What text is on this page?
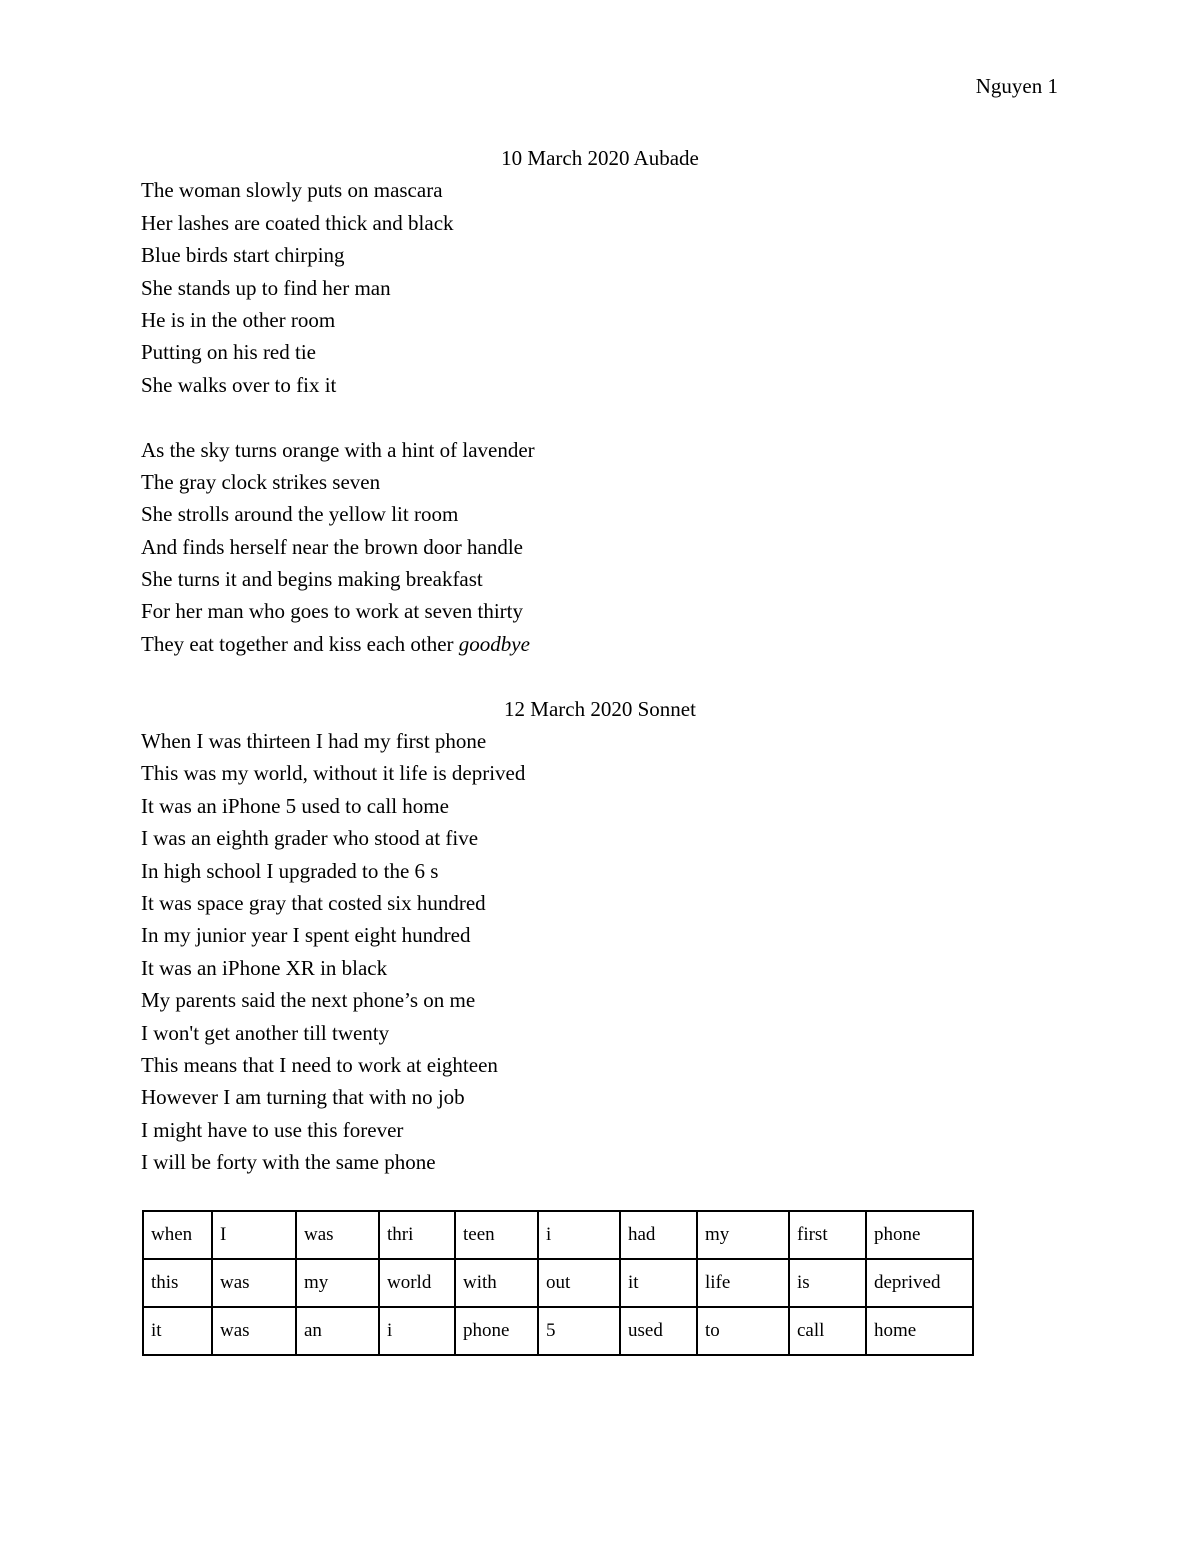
Nguyen 1
10 March 2020 Aubade
The woman slowly puts on mascara
Her lashes are coated thick and black
Blue birds start chirping
She stands up to find her man
He is in the other room
Putting on his red tie
She walks over to fix it
As the sky turns orange with a hint of lavender
The gray clock strikes seven
She strolls around the yellow lit room
And finds herself near the brown door handle
She turns it and begins making breakfast
For her man who goes to work at seven thirty
They eat together and kiss each other goodbye
12 March 2020 Sonnet
When I was thirteen I had my first phone
This was my world, without it life is deprived
It was an iPhone 5 used to call home
I was an eighth grader who stood at five
In high school I upgraded to the 6 s
It was space gray that costed six hundred
In my junior year I spent eight hundred
It was an iPhone XR in black
My parents said the next phone’s on me
I won't get another till twenty
This means that I need to work at eighteen
However I am turning that with no job
I might have to use this forever
I will be forty with the same phone
when	I	was	thri	teen	i	had	my	first	phone
this	was	my	world	with	out	it	life	is	deprived
it	was	an	i	phone	5	used	to	call	home
